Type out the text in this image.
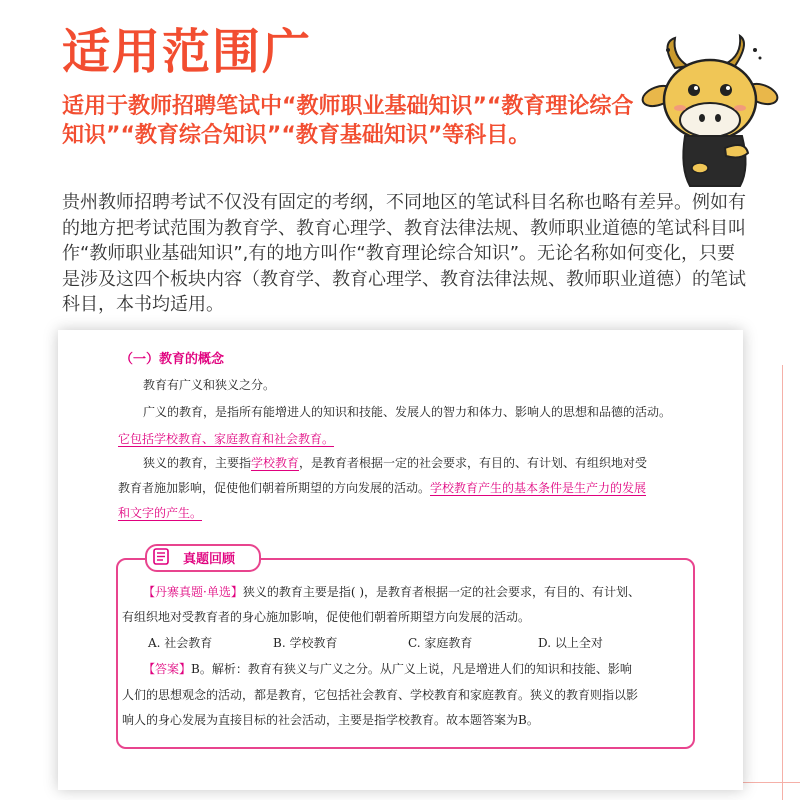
适用范围广
适用于教师招聘笔试中“教师职业基础知识”“教育理论综合知识”“教育综合知识”“教育基础知识”等科目。
贵州教师招聘考试不仅没有固定的考纲，不同地区的笔试科目名称也略有差异。例如有的地方把考试范围为教育学、教育心理学、教育法律法规、教师职业道德的笔试科目叫作“教师职业基础知识”,有的地方叫作“教育理论综合知识”。无论名称如何变化，只要是涉及这四个板块内容（教育学、教育心理学、教育法律法规、教师职业道德）的笔试科目，本书均适用。
（一）教育的概念
教育有广义和狭义之分。
广义的教育，是指所有能增进人的知识和技能、发展人的智力和体力、影响人的思想和品德的活动。
它包括学校教育、家庭教育和社会教育。
狭义的教育，主要指学校教育，是教育者根据一定的社会要求，有目的、有计划、有组织地对受
教育者施加影响，促使他们朝着所期望的方向发展的活动。学校教育产生的基本条件是生产力的发展
和文字的产生。
真题回顾
【丹寨真题·单选】狭义的教育主要是指( )，是教育者根据一定的社会要求，有目的、有计划、
有组织地对受教育者的身心施加影响，促使他们朝着所期望方向发展的活动。
A. 社会教育	B. 学校教育	C. 家庭教育	D. 以上全对
【答案】B。解析：教育有狭义与广义之分。从广义上说，凡是增进人们的知识和技能、影响
人们的思想观念的活动，都是教育，它包括社会教育、学校教育和家庭教育。狭义的教育则指以影
响人的身心发展为直接目标的社会活动，主要是指学校教育。故本题答案为B。
